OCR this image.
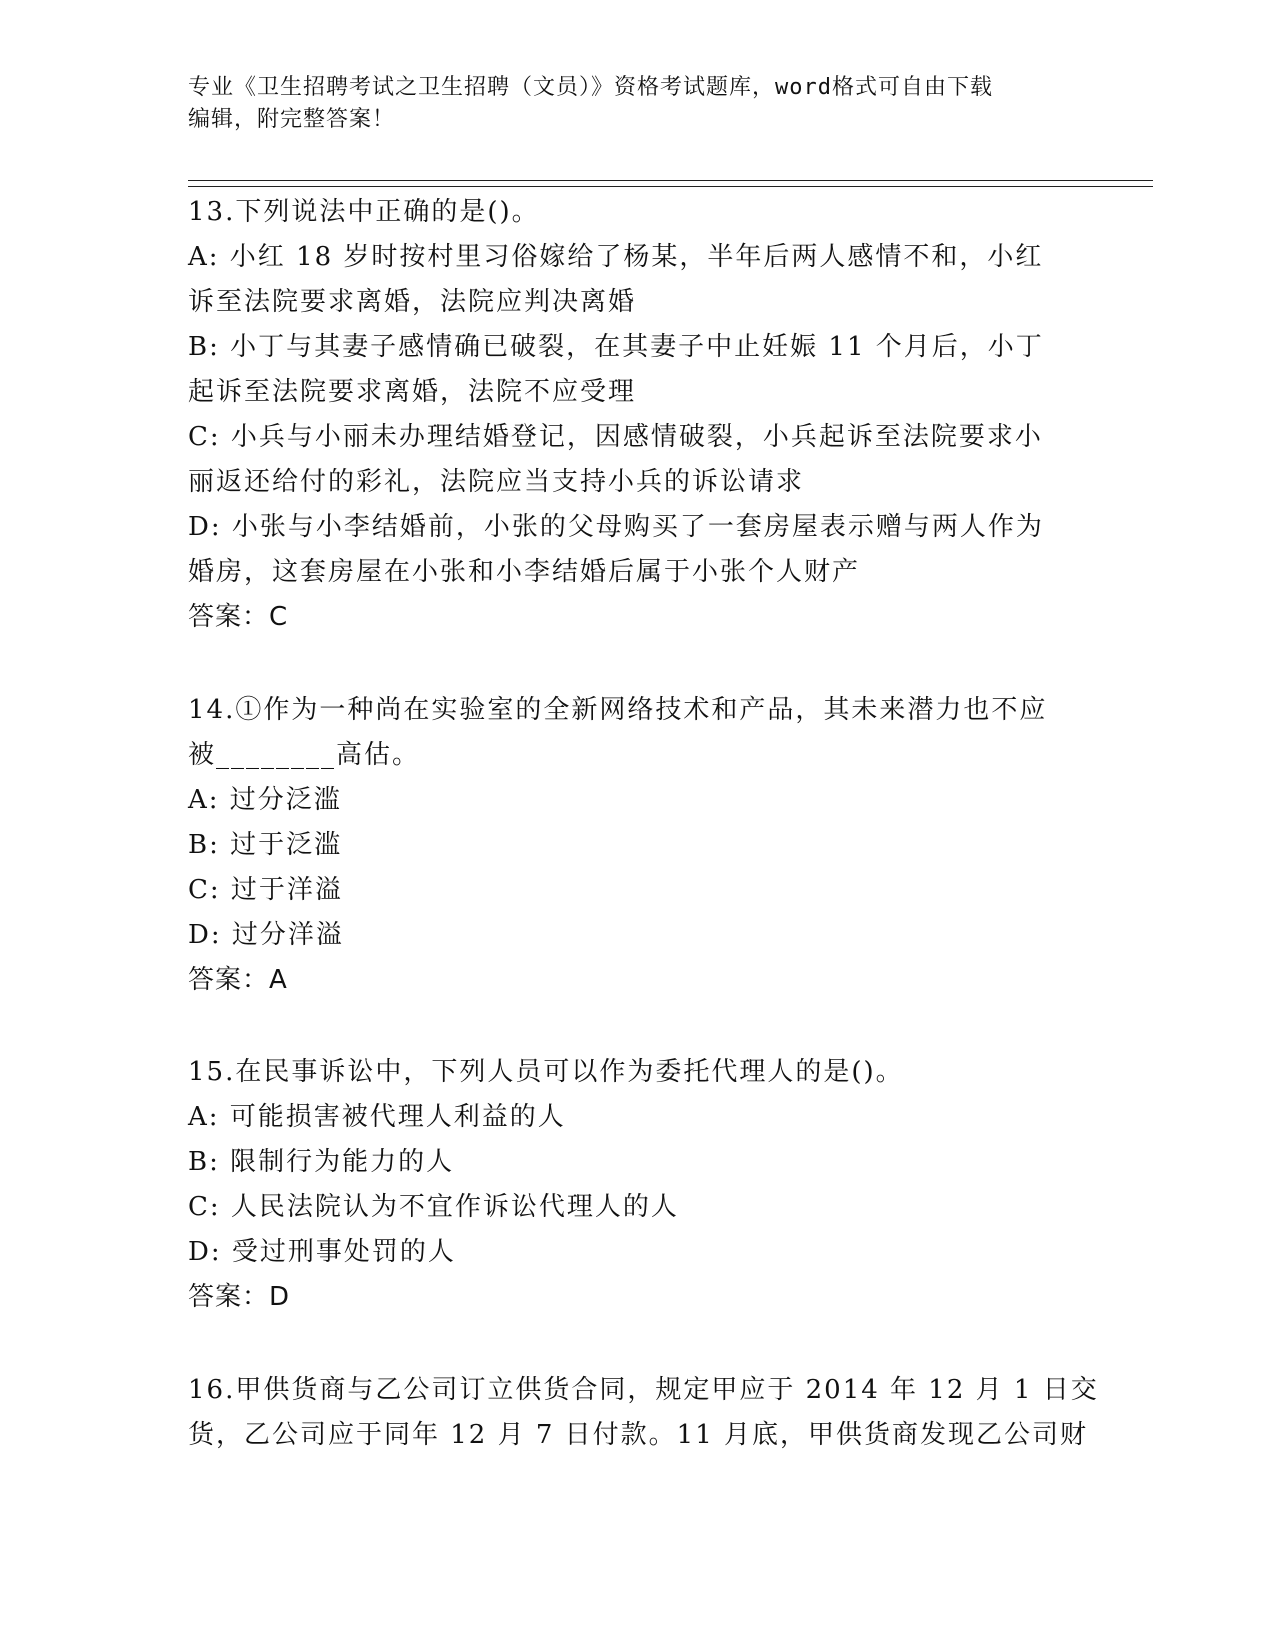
专业《卫生招聘考试之卫生招聘（文员）》资格考试题库，word格式可自由下载
编辑，附完整答案！
13.下列说法中正确的是()。
A: 小红 18 岁时按村里习俗嫁给了杨某，半年后两人感情不和，小红
诉至法院要求离婚，法院应判决离婚
B: 小丁与其妻子感情确已破裂，在其妻子中止妊娠 11 个月后，小丁
起诉至法院要求离婚，法院不应受理
C: 小兵与小丽未办理结婚登记，因感情破裂，小兵起诉至法院要求小
丽返还给付的彩礼，法院应当支持小兵的诉讼请求
D: 小张与小李结婚前，小张的父母购买了一套房屋表示赠与两人作为
婚房，这套房屋在小张和小李结婚后属于小张个人财产
答案：C
14.①作为一种尚在实验室的全新网络技术和产品，其未来潜力也不应
被________高估。
A: 过分泛滥
B: 过于泛滥
C: 过于洋溢
D: 过分洋溢
答案：A
15.在民事诉讼中，下列人员可以作为委托代理人的是()。
A: 可能损害被代理人利益的人
B: 限制行为能力的人
C: 人民法院认为不宜作诉讼代理人的人
D: 受过刑事处罚的人
答案：D
16.甲供货商与乙公司订立供货合同，规定甲应于 2014 年 12 月 1 日交
货，乙公司应于同年 12 月 7 日付款。11 月底，甲供货商发现乙公司财
